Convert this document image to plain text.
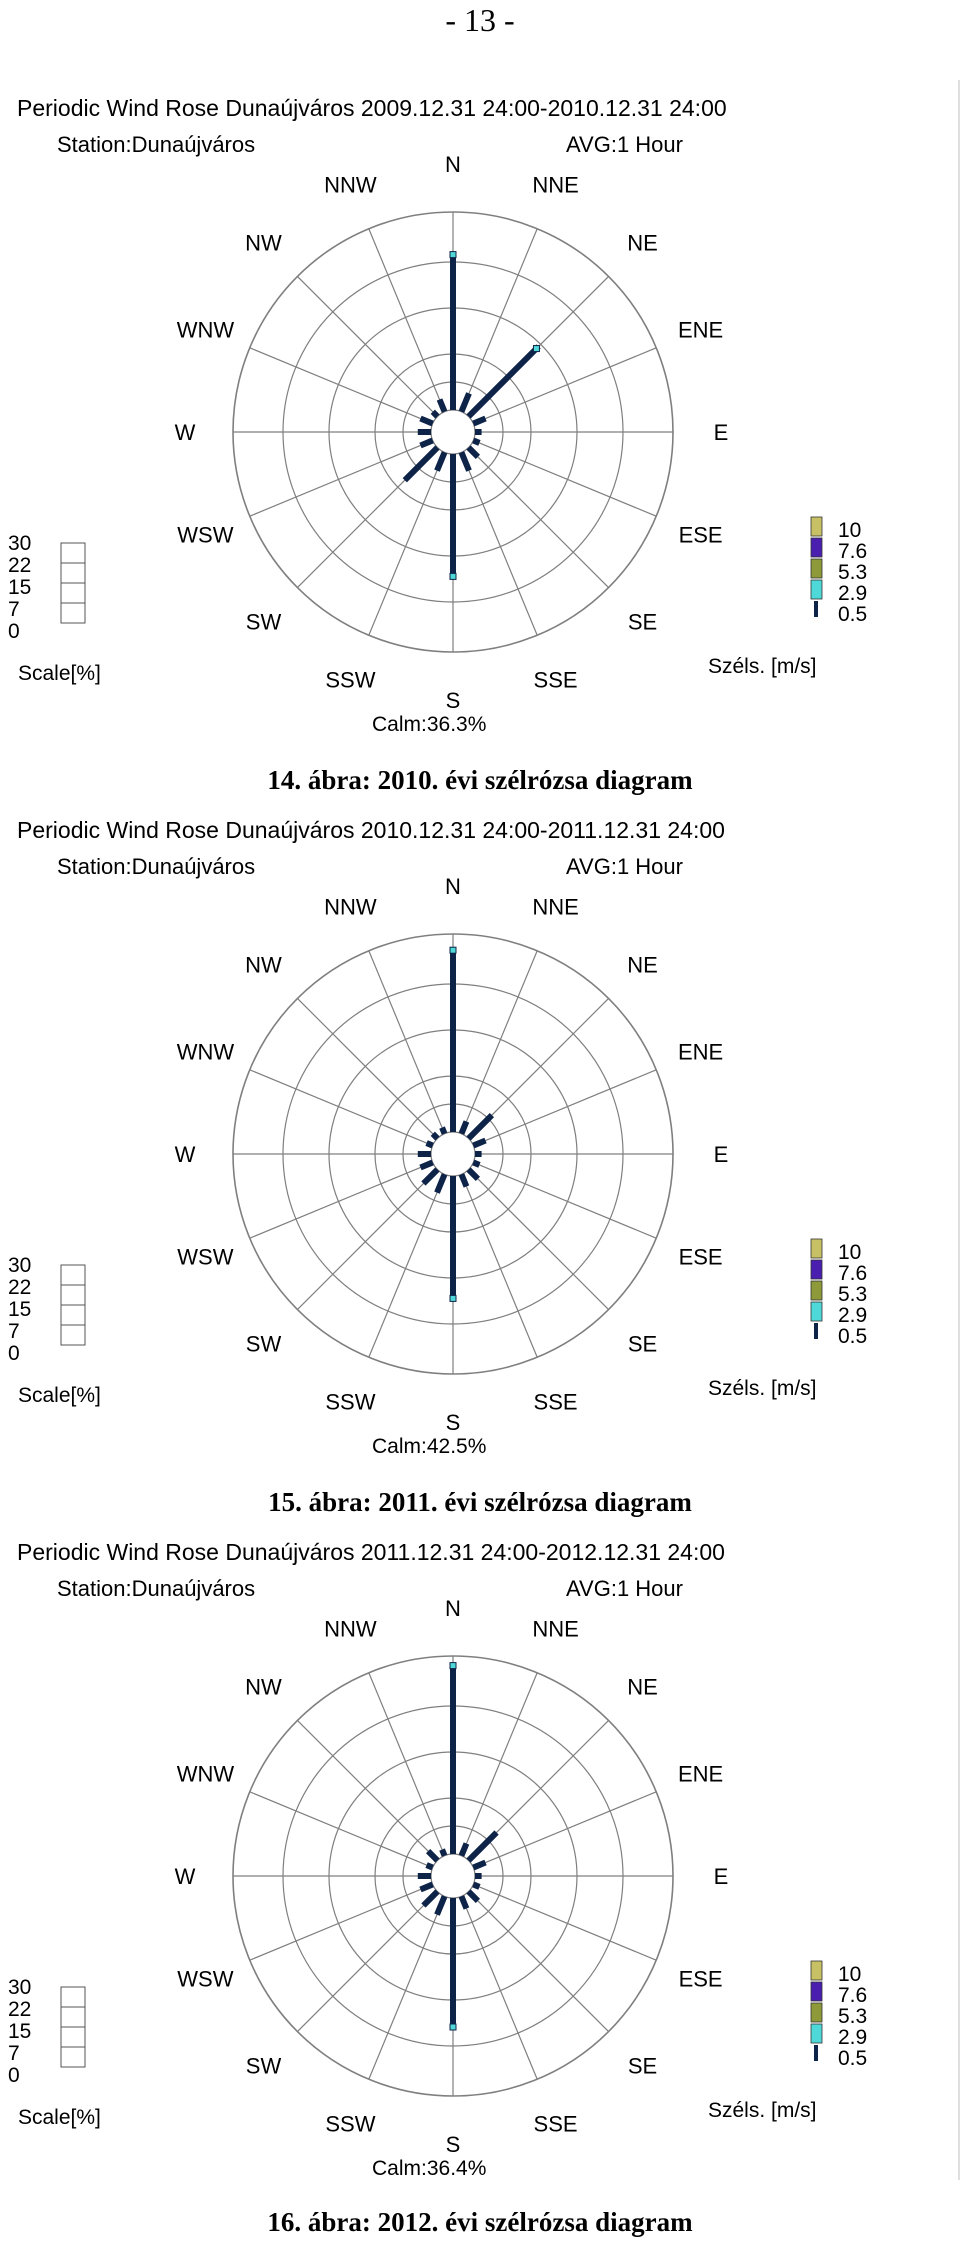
- 13 -
Periodic Wind Rose Dunaújváros 2009.12.31 24:00-2010.12.31 24:00
Station:Dunaújváros	AVG:1 Hour
N
NNE
NE
ENE
E
ESE
SE
SSE
S
SSW
SW
WSW
W
WNW
NW
NNW
Calm:36.3%
30
22
15
7
0
Scale[%]
10
7.6
5.3
2.9
0.5
Széls. [m/s]
14. ábra: 2010. évi szélrózsa diagram
Periodic Wind Rose Dunaújváros 2010.12.31 24:00-2011.12.31 24:00
Station:Dunaújváros	AVG:1 Hour
N
NNE
NE
ENE
E
ESE
SE
SSE
S
SSW
SW
WSW
W
WNW
NW
NNW
Calm:42.5%
30
22
15
7
0
Scale[%]
10
7.6
5.3
2.9
0.5
Széls. [m/s]
15. ábra: 2011. évi szélrózsa diagram
Periodic Wind Rose Dunaújváros 2011.12.31 24:00-2012.12.31 24:00
Station:Dunaújváros	AVG:1 Hour
N
NNE
NE
ENE
E
ESE
SE
SSE
S
SSW
SW
WSW
W
WNW
NW
NNW
Calm:36.4%
30
22
15
7
0
Scale[%]
10
7.6
5.3
2.9
0.5
Széls. [m/s]
16. ábra: 2012. évi szélrózsa diagram
